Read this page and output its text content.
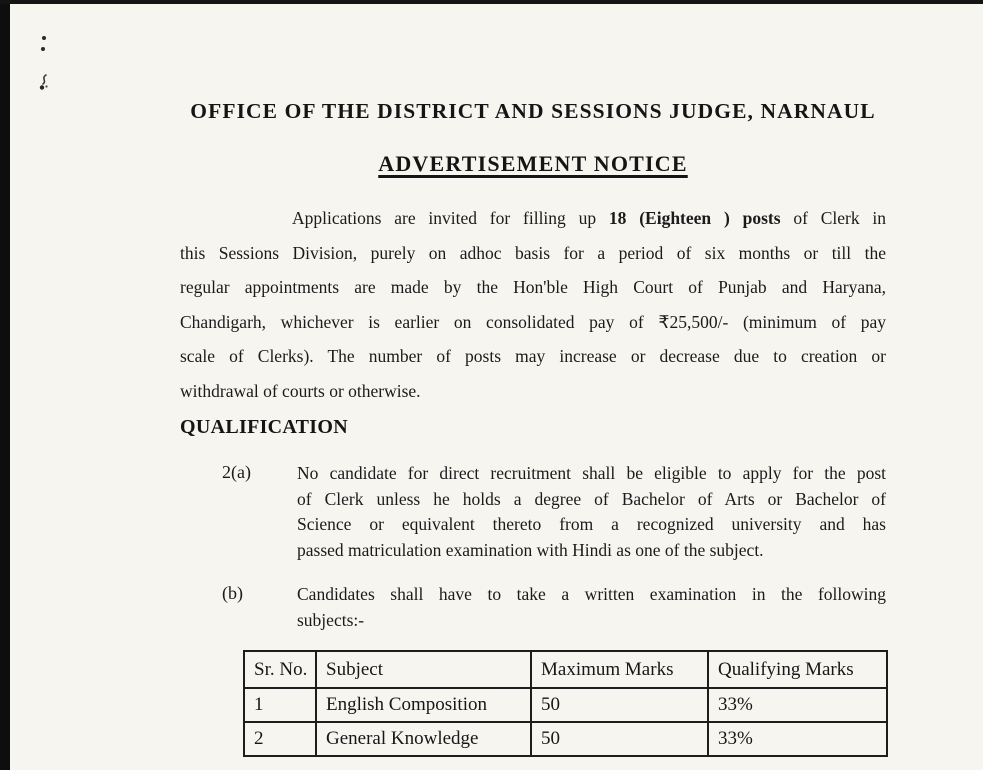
OFFICE OF THE DISTRICT AND SESSIONS JUDGE, NARNAUL
ADVERTISEMENT NOTICE
Applications are invited for filling up 18 (Eighteen ) posts of Clerk in
this Sessions Division, purely on adhoc basis for a period of six months or till the
regular appointments are made by the Hon'ble High Court of Punjab and Haryana,
Chandigarh, whichever is earlier on consolidated pay of ₹25,500/- (minimum of pay
scale of Clerks). The number of posts may increase or decrease due to creation or
withdrawal of courts or otherwise.
QUALIFICATION
2(a)	No candidate for direct recruitment shall be eligible to apply for the post
of Clerk unless he holds a degree of Bachelor of Arts or Bachelor of
Science or equivalent thereto from a recognized university and has
passed matriculation examination with Hindi as one of the subject.
(b)	Candidates shall have to take a written examination in the following
subjects:-
Sr. No.	Subject	Maximum Marks	Qualifying Marks
1	English Composition	50	33%
2	General Knowledge	50	33%
